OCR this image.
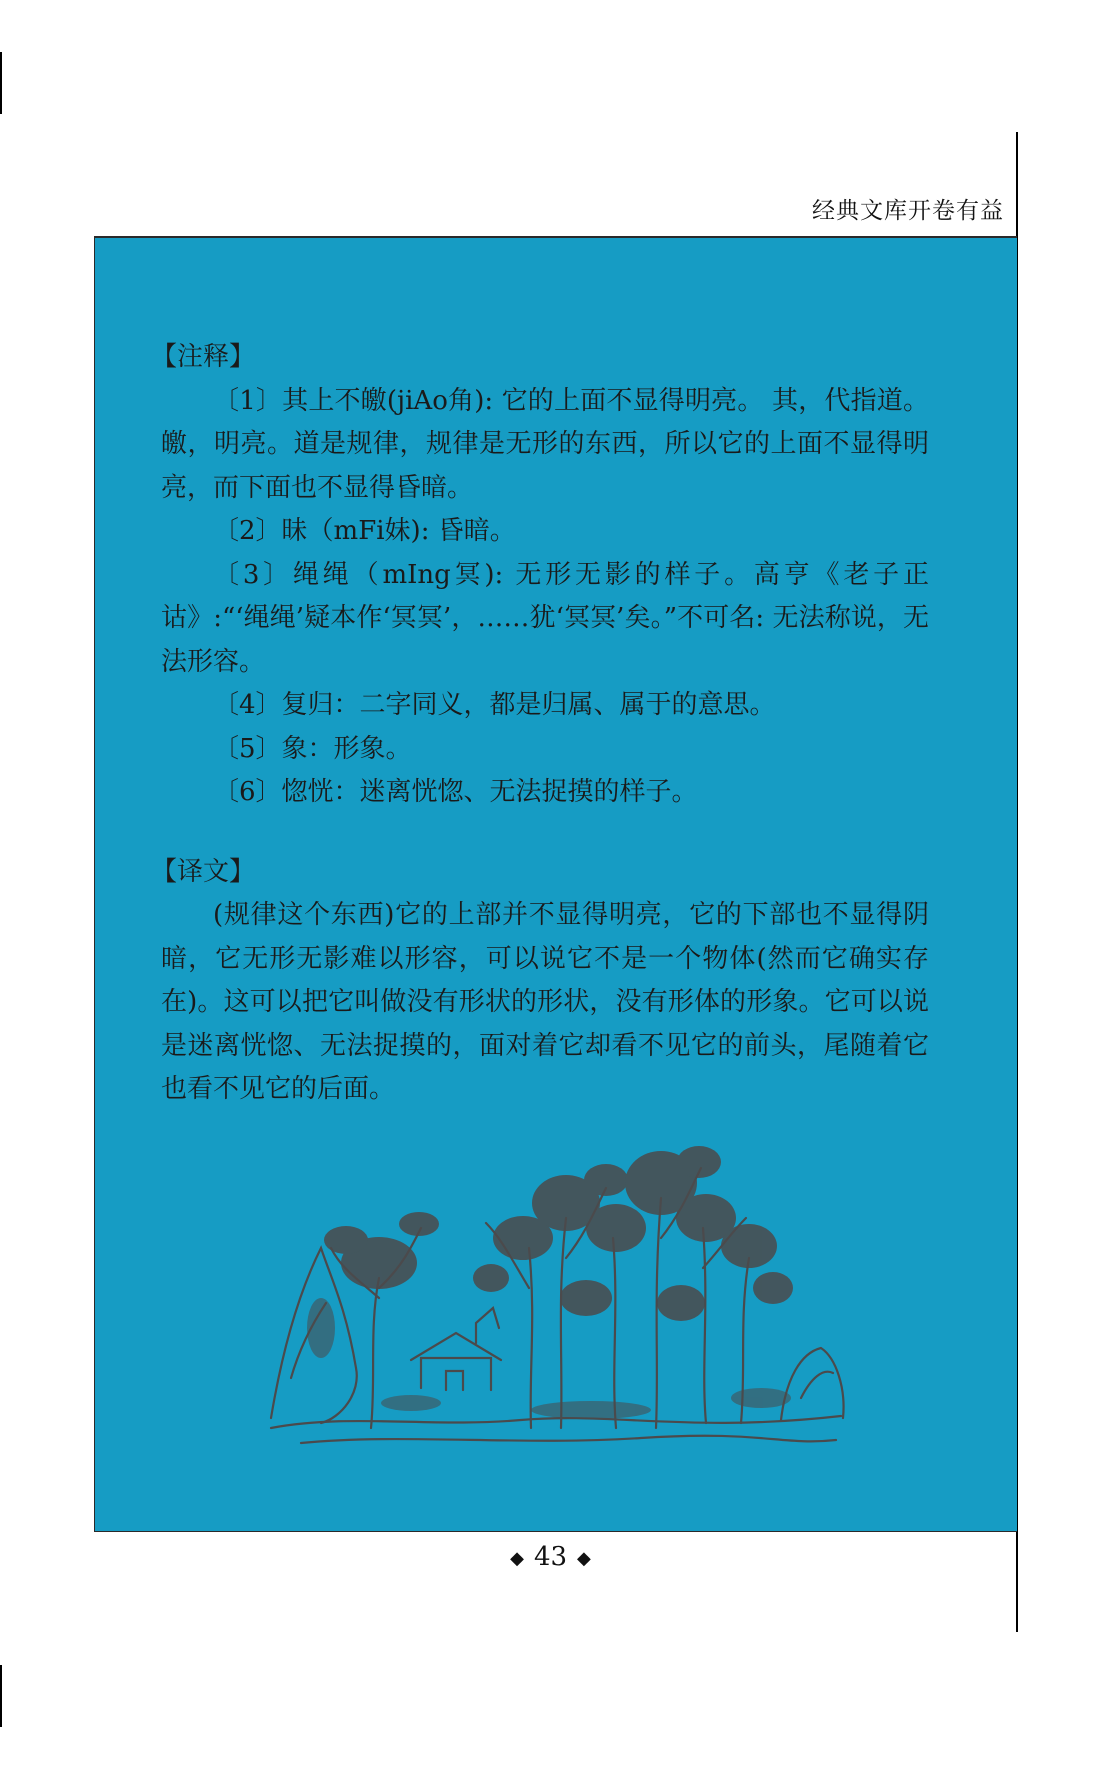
经典文库开卷有益

【注释】

〔1〕其上不皦(jiAo角): 它的上面不显得明亮。 其，代指道。皦，明亮。道是规律，规律是无形的东西，所以它的上面不显得明亮，而下面也不显得昏暗。

〔2〕昧（mFi妹): 昏暗。

〔3〕绳绳（mIng冥): 无形无影的样子。高亨《老子正诂》:“‘绳绳’疑本作‘冥冥’，……犹‘冥冥’矣。”不可名: 无法称说，无法形容。

〔4〕复归：二字同义，都是归属、属于的意思。

〔5〕象：形象。

〔6〕惚恍：迷离恍惚、无法捉摸的样子。

【译文】

(规律这个东西)它的上部并不显得明亮，它的下部也不显得阴暗，它无形无影难以形容，可以说它不是一个物体(然而它确实存在)。这可以把它叫做没有形状的形状，没有形体的形象。它可以说是迷离恍惚、无法捉摸的，面对着它却看不见它的前头，尾随着它也看不见它的后面。

◆ 43 ◆
